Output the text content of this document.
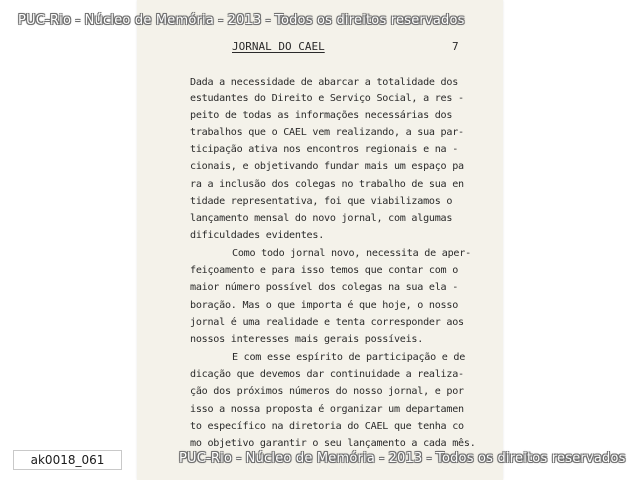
PUC-Rio - Núcleo de Memória - 2013 - Todos os direitos reservados
JORNAL DO CAEL	7
Dada a necessidade de abarcar a totalidade dos
estudantes do Direito e Serviço Social, a res -
peito de todas as informações necessárias dos
trabalhos que o CAEL vem realizando, a sua par-
ticipação ativa nos encontros regionais e na -
cionais, e objetivando fundar mais um espaço pa
ra a inclusão dos colegas no trabalho de sua en
tidade representativa, foi que viabilizamos o
lançamento mensal do novo jornal, com algumas
dificuldades evidentes.
Como todo jornal novo, necessita de aper-
feiçoamento e para isso temos que contar com o
maior número possível dos colegas na sua ela -
boração. Mas o que importa é que hoje, o nosso
jornal é uma realidade e tenta corresponder aos
nossos interesses mais gerais possíveis.
E com esse espírito de participação e de
dicação que devemos dar continuidade a realiza-
ção dos próximos números do nosso jornal, e por
isso a nossa proposta é organizar um departamen
to específico na diretoria do CAEL que tenha co
mo objetivo garantir o seu lançamento a cada mês.
PUC-Rio - Núcleo de Memória - 2013 - Todos os direitos reservados
ak0018_061
